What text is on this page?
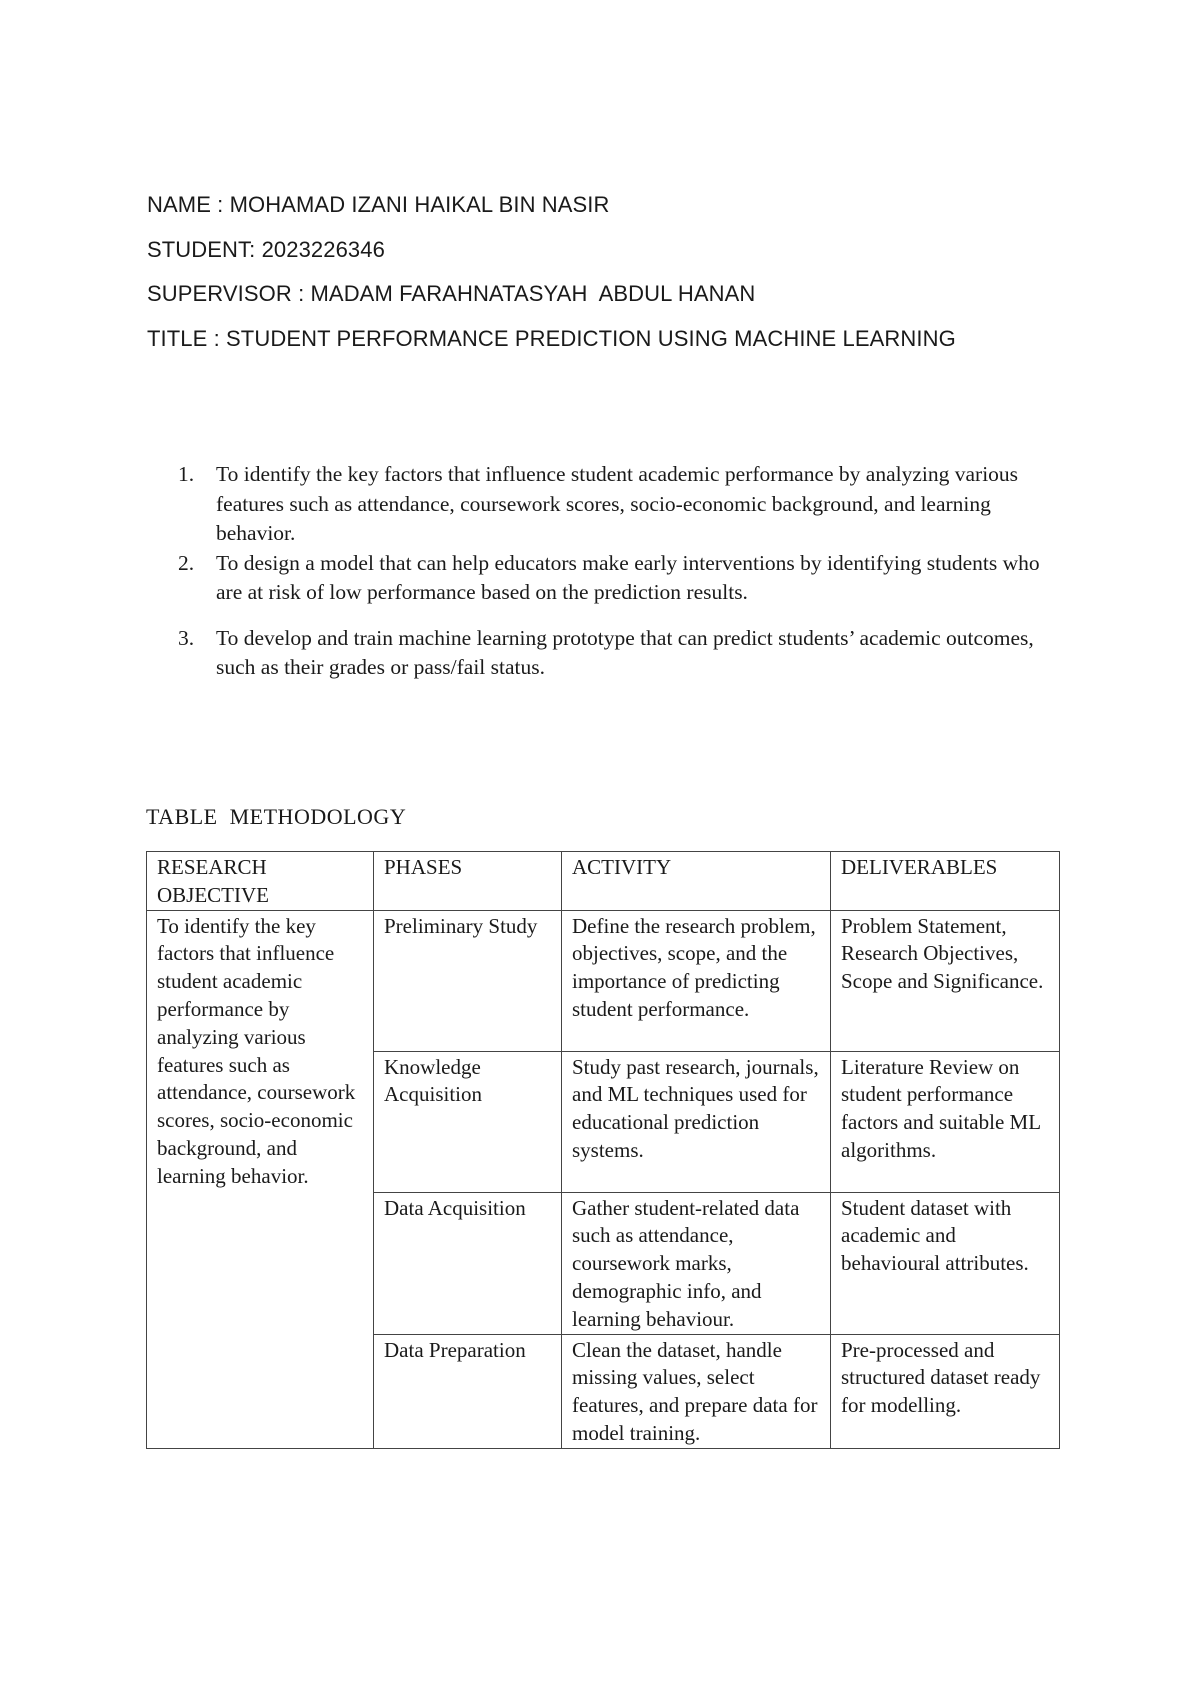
NAME : MOHAMAD IZANI HAIKAL BIN NASIR
STUDENT: 2023226346
SUPERVISOR : MADAM FARAHNATASYAH  ABDUL HANAN
TITLE : STUDENT PERFORMANCE PREDICTION USING MACHINE LEARNING
1.	To identify the key factors that influence student academic performance by analyzing various features such as attendance, coursework scores, socio-economic background, and learning behavior.
2.	To design a model that can help educators make early interventions by identifying students who are at risk of low performance based on the prediction results.
3.	To develop and train machine learning prototype that can predict students’ academic outcomes, such as their grades or pass/fail status.
TABLE  METHODOLOGY
RESEARCH OBJECTIVE	PHASES	ACTIVITY	DELIVERABLES
To identify the key factors that influence student academic performance by analyzing various features such as attendance, coursework scores, socio-economic background, and learning behavior.	Preliminary Study	Define the research problem, objectives, scope, and the importance of predicting student performance.	Problem Statement, Research Objectives, Scope and Significance.
	Knowledge Acquisition	Study past research, journals, and ML techniques used for educational prediction systems.	Literature Review on student performance factors and suitable ML algorithms.
	Data Acquisition	Gather student-related data such as attendance, coursework marks, demographic info, and learning behaviour.	Student dataset with academic and behavioural attributes.
	Data Preparation	Clean the dataset, handle missing values, select features, and prepare data for model training.	Pre-processed and structured dataset ready for modelling.
